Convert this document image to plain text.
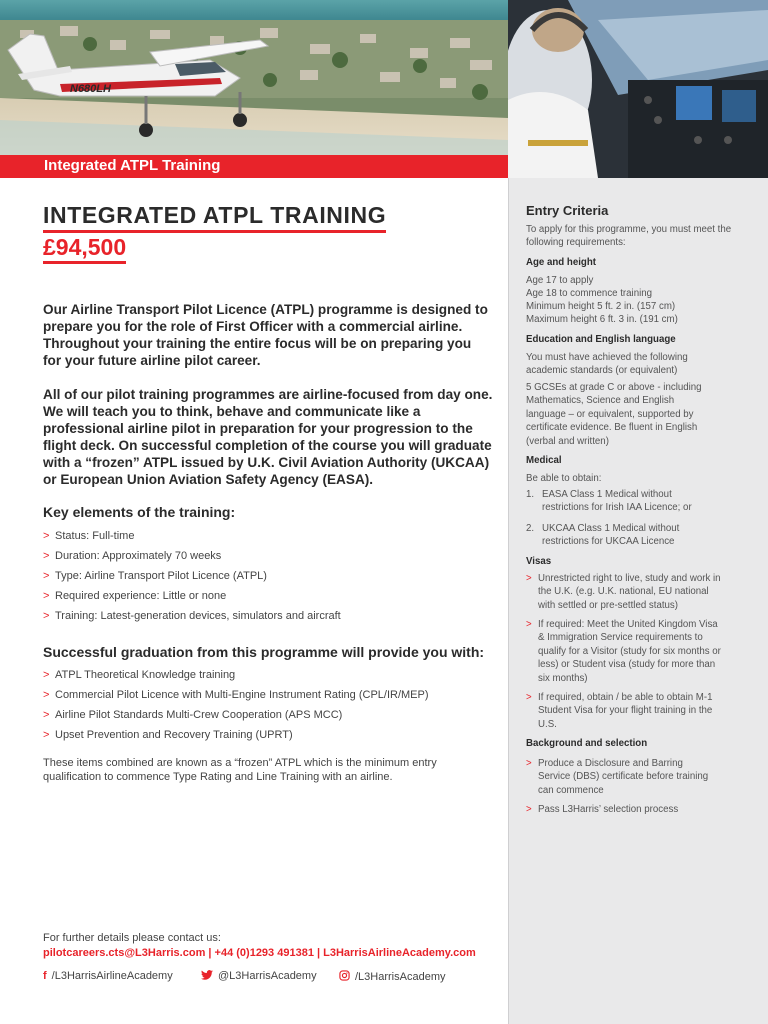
N680LH
Integrated ATPL Training
INTEGRATED ATPL TRAINING
£94,500

Our Airline Transport Pilot Licence (ATPL) programme is designed to prepare you for the role of First Officer with a commercial airline. Throughout your training the entire focus will be on preparing you for your future airline pilot career.

All of our pilot training programmes are airline-focused from day one. We will teach you to think, behave and communicate like a professional airline pilot in preparation for your progression to the flight deck. On successful completion of the course you will graduate with a “frozen” ATPL issued by U.K. Civil Aviation Authority (UKCAA) or European Union Aviation Safety Agency (EASA).

Key elements of the training:
> Status: Full-time
> Duration: Approximately 70 weeks
> Type: Airline Transport Pilot Licence (ATPL)
> Required experience: Little or none
> Training: Latest-generation devices, simulators and aircraft
Successful graduation from this programme will provide you with:
> ATPL Theoretical Knowledge training
> Commercial Pilot Licence with Multi-Engine Instrument Rating (CPL/IR/MEP)
> Airline Pilot Standards Multi-Crew Cooperation (APS MCC)
> Upset Prevention and Recovery Training (UPRT)

These items combined are known as a “frozen” ATPL which is the minimum entry qualification to commence Type Rating and Line Training with an airline.

For further details please contact us:
pilotcareers.cts@L3Harris.com | +44 (0)1293 491381 | L3HarrisAirlineAcademy.com
f /L3HarrisAirlineAcademy	@L3HarrisAcademy	/L3HarrisAcademy
Entry Criteria
To apply for this programme, you must meet the following requirements:
Age and height
Age 17 to apply
Age 18 to commence training
Minimum height 5 ft. 2 in. (157 cm)
Maximum height 6 ft. 3 in. (191 cm)
Education and English language
You must have achieved the following academic standards (or equivalent)
5 GCSEs at grade C or above - including Mathematics, Science and English language – or equivalent, supported by certificate evidence. Be fluent in English (verbal and written)
Medical
Be able to obtain:
1. EASA Class 1 Medical without restrictions for Irish IAA Licence; or
2. UKCAA Class 1 Medical without restrictions for UKCAA Licence
Visas
> Unrestricted right to live, study and work in the U.K. (e.g. U.K. national, EU national with settled or pre-settled status)
> If required: Meet the United Kingdom Visa & Immigration Service requirements to qualify for a Visitor (study for six months or less) or Student visa (study for more than six months)
> If required, obtain / be able to obtain M-1 Student Visa for your flight training in the U.S.
Background and selection
> Produce a Disclosure and Barring Service (DBS) certificate before training can commence
> Pass L3Harris’ selection process
